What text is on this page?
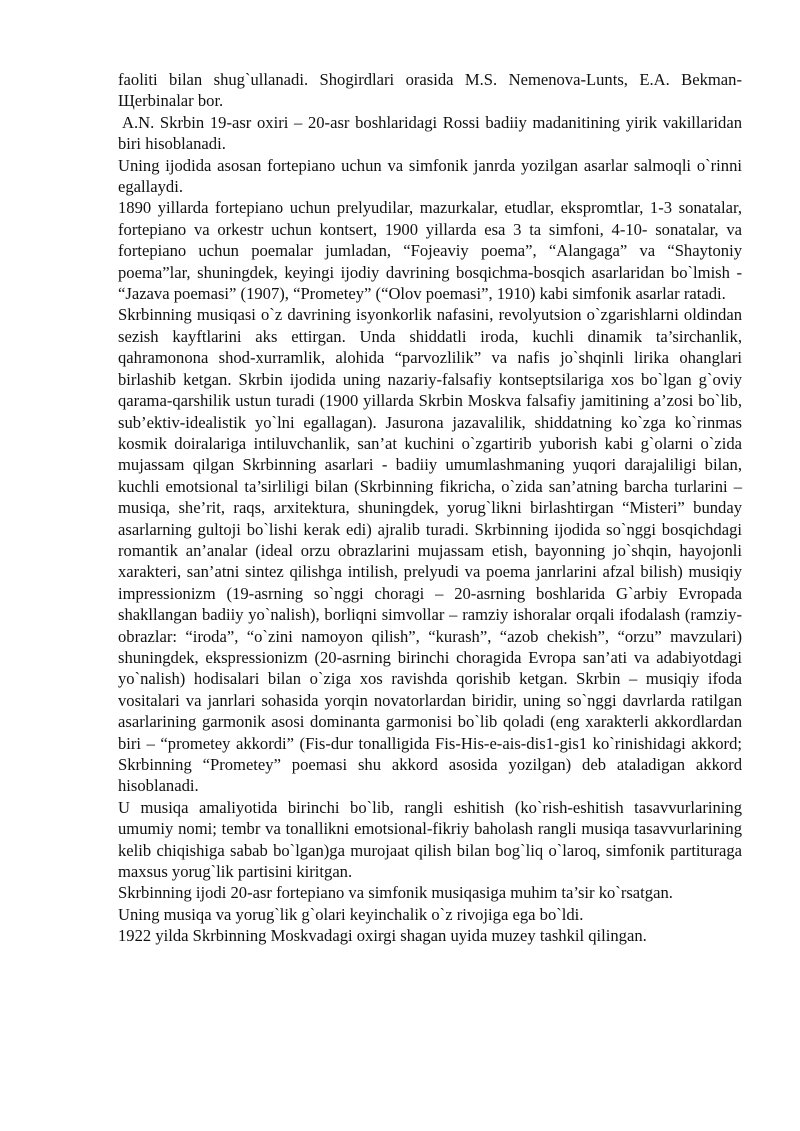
faoliti bilan shug`ullanadi. Shogirdlari orasida M.S. Nemenova-Lunts, E.A. Bekman-Щerbinalar bor.

A.N. Skrbin 19-asr oxiri – 20-asr boshlaridagi Rossi badiiy madanitining yirik vakillaridan biri hisoblanadi.

Uning ijodida asosan fortepiano uchun va simfonik janrda yozilgan asarlar salmoqli o`rinni egallaydi.

1890 yillarda fortepiano uchun prelyudilar, mazurkalar, etudlar, ekspromtlar, 1-3 sonatalar, fortepiano va orkestr uchun kontsert, 1900 yillarda esa 3 ta simfoni, 4-10- sonatalar, va fortepiano uchun poemalar jumladan, “Fojeaviy poema”, “Alangaga” va “Shaytoniy poema”lar, shuningdek, keyingi ijodiy davrining bosqichma-bosqich asarlaridan bo`lmish - “Jazava poemasi” (1907), “Prometey” (“Olov poemasi”, 1910) kabi simfonik asarlar ratadi.

Skrbinning musiqasi o`z davrining isyonkorlik nafasini, revolyutsion o`zgarishlarni oldindan sezish kayftlarini aks ettirgan. Unda shiddatli iroda, kuchli dinamik ta’sirchanlik, qahramonona shod-xurramlik, alohida “parvozlilik” va nafis jo`shqinli lirika ohanglari birlashib ketgan. Skrbin ijodida uning nazariy-falsafiy kontseptsilariga xos bo`lgan g`oviy qarama-qarshilik ustun turadi (1900 yillarda Skrbin Moskva falsafiy jamitining a’zosi bo`lib, sub’ektiv-idealistik yo`lni egallagan). Jasurona jazavalilik, shiddatning ko`zga ko`rinmas kosmik doiralariga intiluvchanlik, san’at kuchini o`zgartirib yuborish kabi g`olarni o`zida mujassam qilgan Skrbinning asarlari - badiiy umumlashmaning yuqori darajaliligi bilan, kuchli emotsional ta’sirliligi bilan (Skrbinning fikricha, o`zida san’atning barcha turlarini – musiqa, she’rit, raqs, arxitektura, shuningdek, yorug`likni birlashtirgan “Misteri” bunday asarlarning gultoji bo`lishi kerak edi) ajralib turadi. Skrbinning ijodida so`nggi bosqichdagi romantik an’analar (ideal orzu obrazlarini mujassam etish, bayonning jo`shqin, hayojonli xarakteri, san’atni sintez qilishga intilish, prelyudi va poema janrlarini afzal bilish) musiqiy impressionizm (19-asrning so`nggi choragi – 20-asrning boshlarida G`arbiy Evropada shakllangan badiiy yo`nalish), borliqni simvollar – ramziy ishoralar orqali ifodalash (ramziy-obrazlar: “iroda”, “o`zini namoyon qilish”, “kurash”, “azob chekish”, “orzu” mavzulari) shuningdek, ekspressionizm (20-asrning birinchi choragida Evropa san’ati va adabiyotdagi yo`nalish) hodisalari bilan o`ziga xos ravishda qorishib ketgan. Skrbin – musiqiy ifoda vositalari va janrlari sohasida yorqin novatorlardan biridir, uning so`nggi davrlarda ratilgan asarlarining garmonik asosi dominanta garmonisi bo`lib qoladi (eng xarakterli akkordlardan biri – “prometey akkordi” (Fis-dur tonalligida Fis-His-e-ais-dis1-gis1 ko`rinishidagi akkord; Skrbinning “Prometey” poemasi shu akkord asosida yozilgan) deb ataladigan akkord hisoblanadi.

U musiqa amaliyotida birinchi bo`lib, rangli eshitish (ko`rish-eshitish tasavvurlarining umumiy nomi; tembr va tonallikni emotsional-fikriy baholash rangli musiqa tasavvurlarining kelib chiqishiga sabab bo`lgan)ga murojaat qilish bilan bog`liq o`laroq, simfonik partituraga maxsus yorug`lik partisini kiritgan.

Skrbinning ijodi 20-asr fortepiano va simfonik musiqasiga muhim ta’sir ko`rsatgan.

Uning musiqa va yorug`lik g`olari keyinchalik o`z rivojiga ega bo`ldi.

1922 yilda Skrbinning Moskvadagi oxirgi shagan uyida muzey tashkil qilingan.
